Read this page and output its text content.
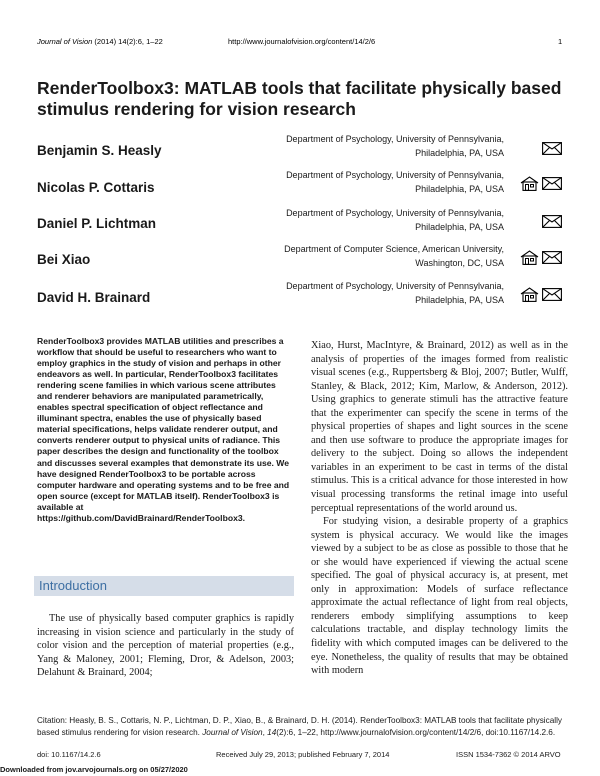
Journal of Vision (2014) 14(2):6, 1–22	http://www.journalofvision.org/content/14/2/6	1
RenderToolbox3: MATLAB tools that facilitate physically based stimulus rendering for vision research
Benjamin S. Heasly
Department of Psychology, University of Pennsylvania,
Philadelphia, PA, USA
Nicolas P. Cottaris
Department of Psychology, University of Pennsylvania,
Philadelphia, PA, USA
Daniel P. Lichtman
Department of Psychology, University of Pennsylvania,
Philadelphia, PA, USA
Bei Xiao
Department of Computer Science, American University,
Washington, DC, USA
David H. Brainard
Department of Psychology, University of Pennsylvania,
Philadelphia, PA, USA

RenderToolbox3 provides MATLAB utilities and prescribes a workflow that should be useful to researchers who want to employ graphics in the study of vision and perhaps in other endeavors as well. In particular, RenderToolbox3 facilitates rendering scene families in which various scene attributes and renderer behaviors are manipulated parametrically, enables spectral specification of object reflectance and illuminant spectra, enables the use of physically based material specifications, helps validate renderer output, and converts renderer output to physical units of radiance. This paper describes the design and functionality of the toolbox and discusses several examples that demonstrate its use. We have designed RenderToolbox3 to be portable across computer hardware and operating systems and to be free and open source (except for MATLAB itself). RenderToolbox3 is available at https://github.com/DavidBrainard/RenderToolbox3.

Introduction

The use of physically based computer graphics is rapidly increasing in vision science and particularly in the study of color vision and the perception of material properties (e.g., Yang & Maloney, 2001; Fleming, Dror, & Adelson, 2003; Delahunt & Brainard, 2004;

Xiao, Hurst, MacIntyre, & Brainard, 2012) as well as in the analysis of properties of the images formed from realistic visual scenes (e.g., Ruppertsberg & Bloj, 2007; Butler, Wulff, Stanley, & Black, 2012; Kim, Marlow, & Anderson, 2012). Using graphics to generate stimuli has the attractive feature that the experimenter can specify the scene in terms of the physical properties of shapes and light sources in the scene and then use software to produce the appropriate images for delivery to the subject. Doing so allows the independent variables in an experiment to be cast in terms of the distal stimulus. This is a critical advance for those interested in how visual processing transforms the retinal image into useful perceptual representations of the world around us.

For studying vision, a desirable property of a graphics system is physical accuracy. We would like the images viewed by a subject to be as close as possible to those that he or she would have experienced if viewing the actual scene specified. The goal of physical accuracy is, at present, met only in approximation: Models of surface reflectance approximate the actual reflectance of light from real objects, renderers embody simplifying assumptions to keep calculations tractable, and display technology limits the fidelity with which computed images can be delivered to the eye. Nonetheless, the quality of results that may be obtained with modern

Citation: Heasly, B. S., Cottaris, N. P., Lichtman, D. P., Xiao, B., & Brainard, D. H. (2014). RenderToolbox3: MATLAB tools that facilitate physically based stimulus rendering for vision research. Journal of Vision, 14(2):6, 1–22, http://www.journalofvision.org/content/14/2/6, doi:10.1167/14.2.6.
doi: 10.1167/14.2.6	Received July 29, 2013; published February 7, 2014	ISSN 1534-7362 © 2014 ARVO
Downloaded from jov.arvojournals.org on 05/27/2020
